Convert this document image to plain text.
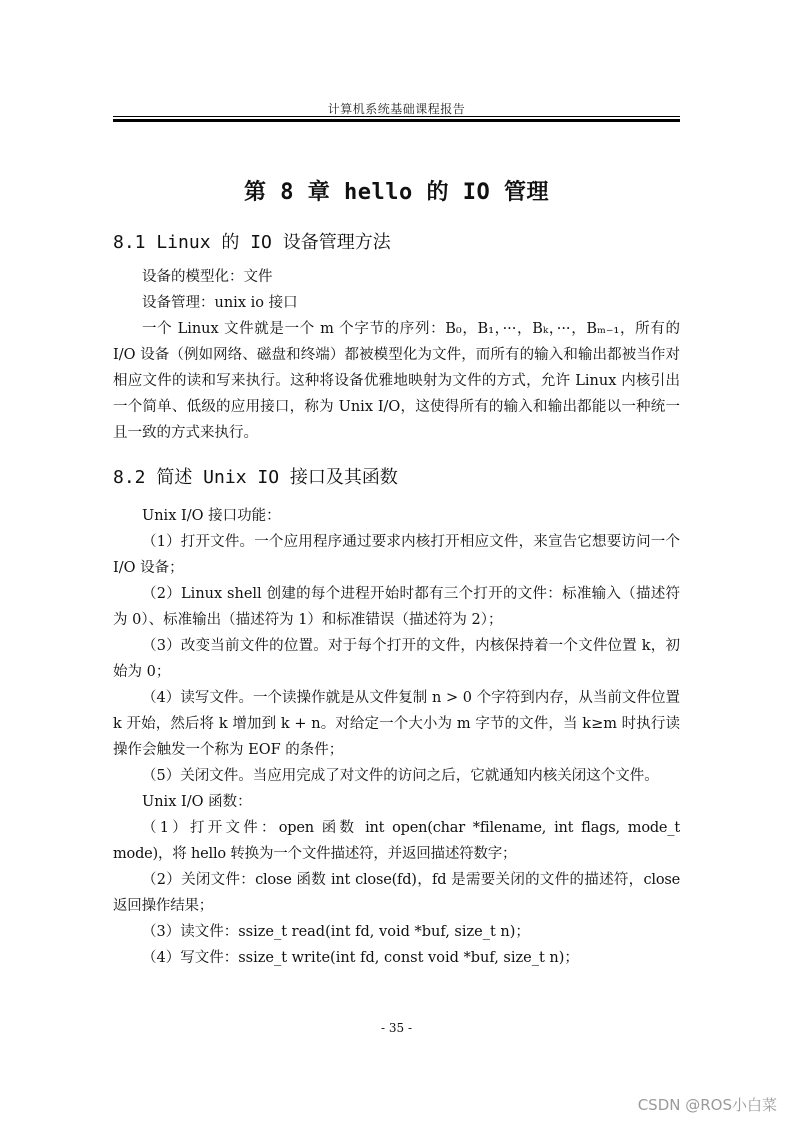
计算机系统基础课程报告
第 8 章 hello 的 IO 管理
8.1 Linux 的 IO 设备管理方法

设备的模型化：文件

设备管理：unix io 接口

一个 Linux 文件就是一个 m 个字节的序列：B₀，B₁，···，Bₖ，···，Bₘ₋₁，所有的 I/O 设备（例如网络、磁盘和终端）都被模型化为文件，而所有的输入和输出都被当作对相应文件的读和写来执行。这种将设备优雅地映射为文件的方式，允许 Linux 内核引出一个简单、低级的应用接口，称为 Unix I/O，这使得所有的输入和输出都能以一种统一且一致的方式来执行。

8.2 简述 Unix IO 接口及其函数

Unix I/O 接口功能：

（1）打开文件。一个应用程序通过要求内核打开相应文件，来宣告它想要访问一个 I/O 设备；

（2）Linux shell 创建的每个进程开始时都有三个打开的文件：标准输入（描述符为 0）、标准输出（描述符为 1）和标准错误（描述符为 2）；

（3）改变当前文件的位置。对于每个打开的文件，内核保持着一个文件位置 k，初始为 0；

（4）读写文件。一个读操作就是从文件复制 n > 0 个字符到内存，从当前文件位置 k 开始，然后将 k 增加到 k + n。对给定一个大小为 m 字节的文件，当 k≥m 时执行读操作会触发一个称为 EOF 的条件；

（5）关闭文件。当应用完成了对文件的访问之后，它就通知内核关闭这个文件。

Unix I/O 函数：

（1）打开文件：open 函数 int open(char *filename, int flags, mode_t mode)，将 hello 转换为一个文件描述符，并返回描述符数字；

（2）关闭文件：close 函数 int close(fd)，fd 是需要关闭的文件的描述符，close 返回操作结果；

（3）读文件：ssize_t read(int fd, void *buf, size_t n)；

（4）写文件：ssize_t write(int fd, const void *buf, size_t n)；

- 35 -
CSDN @ROS小白菜
